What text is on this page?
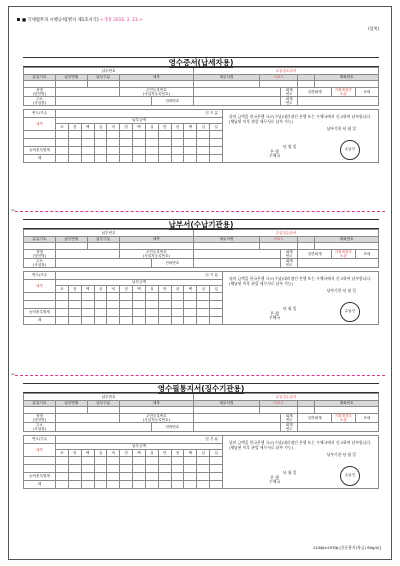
■ 국세법무과 시행규칙[별지 제1호서식] <개정 2016. 2. 23.>
(앞쪽)
영수증서(납세자용)
납부번호					수입징수관서						
분류기호	납부연월	납부구분	세목		세무서명	서코드			계좌번호		

성명
(법인명)			주민등록번호
(사업자등록번호)				회계
연도	일반회계		기획재정부
소관	조세
주소
(사업장)				전화번호			회계
연도				
연도/기수	년 기 분												
세목	납부금액												
	조	천	백	십	억	천	백	십	만	천	백	십	일

농어촌특별세													
계													
위의 금액을 한국은행 국고(수납)대리점인 은행 또는 우체국에서 신고하여 납부합니다.
(체납된 이후 관할 세무서로 납부 가능)
납부기한 년 월 일
년 월 일
은 행
우체국
수납인
납부서(수납기관용)
납부번호					수입징수관서						
분류기호	납부연월	납부구분	세목		세무서명	서코드			계좌번호		

성명
(법인명)			주민등록번호
(사업자등록번호)				회계
연도	일반회계		기획재정부
소관	조세
주소
(사업장)				전화번호			회계
연도				
연도/기수	년 기 분												
세목	납부금액												
	조	천	백	십	억	천	백	십	만	천	백	십	일

농어촌특별세													
계													
위의 금액을 한국은행 국고(수납)대리점인 은행 또는 우체국에서 신고하여 납부합니다.
(체납된 이후 관할 세무서로 납부 가능)
납부기한 년 월 일
년 월 일
은 행
우체국
수납인
영수필통지서(징수기관용)
납부번호					수입징수관서						
분류기호	납부연월	납부구분	세목		세무서명	서코드			계좌번호		

성명
(법인명)			주민등록번호
(사업자등록번호)				회계
연도	일반회계		기획재정부
소관	조세
주소
(사업장)				전화번호			회계
연도				
연도/기수	년 기 분												
세목	납부금액												
	조	천	백	십	억	천	백	십	만	천	백	십	일

농어촌특별세													
계													
위의 금액을 한국은행 국고(수납)대리점인 은행 또는 우체국에서 신고하여 납부합니다.
(체납된 이후 관할 세무서로 납부 가능)
납부기한 년 월 일
년 월 일
은 행
우체국
수납인
210㎜×297㎜ [신문용지(특급) 60g/㎡]
✂
✂
